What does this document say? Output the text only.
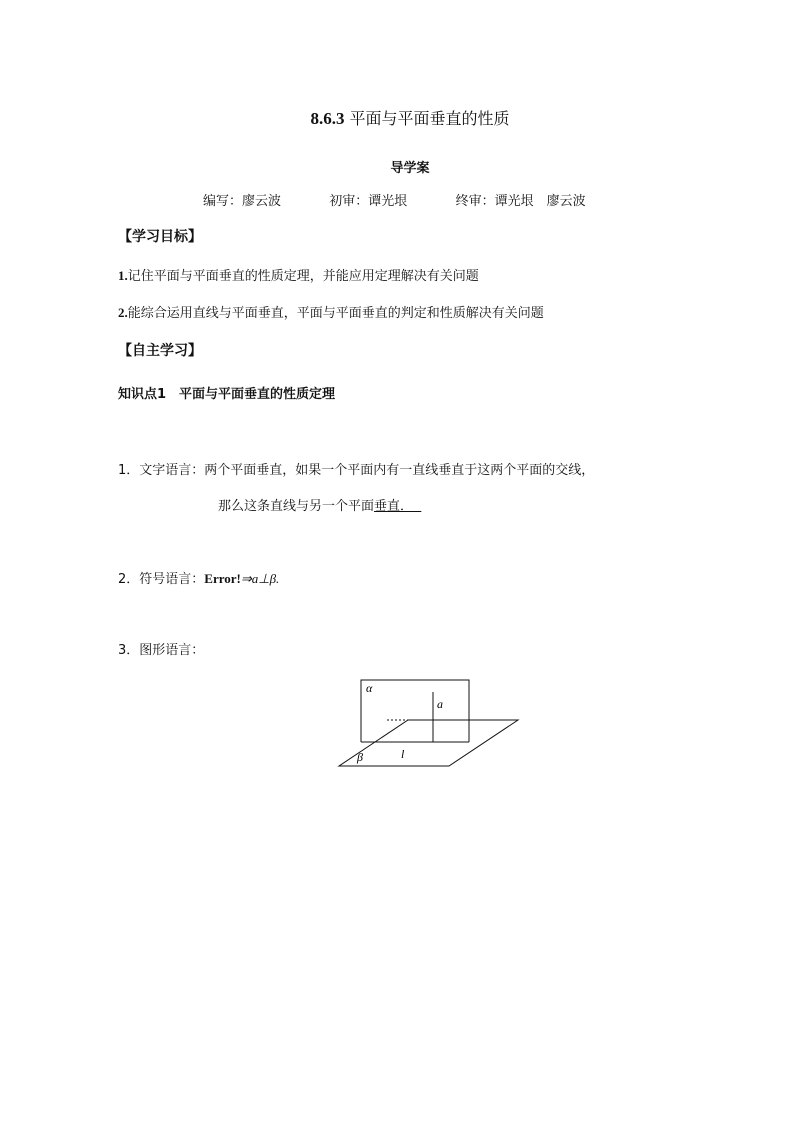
8.6.3 平面与平面垂直的性质
导学案
编写：廖云波	初审：谭光垠	终审：谭光垠　廖云波
【学习目标】
1.记住平面与平面垂直的性质定理，并能应用定理解决有关问题
2.能综合运用直线与平面垂直，平面与平面垂直的判定和性质解决有关问题
【自主学习】
知识点1　平面与平面垂直的性质定理
1．文字语言：两个平面垂直，如果一个平面内有一直线垂直于这两个平面的交线，
那么这条直线与另一个平面垂直．
2．符号语言：Error!⇒a⊥β.
3．图形语言：
α
a
β	l
